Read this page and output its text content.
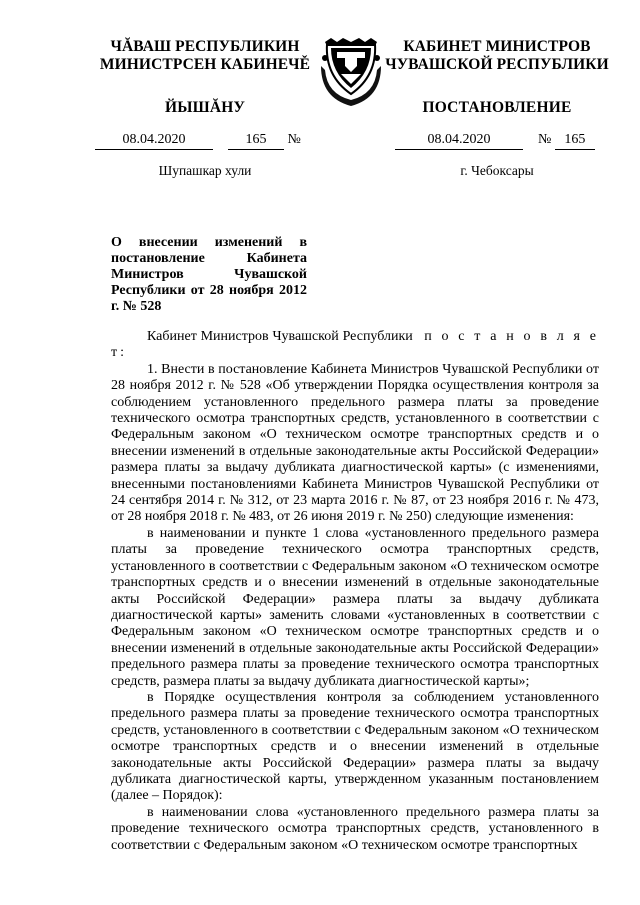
ЧĂВАШ РЕСПУБЛИКИН
МИНИСТРСЕН КАБИНЕЧĚ
ЙЫШĂНУ
КАБИНЕТ МИНИСТРОВ
ЧУВАШСКОЙ РЕСПУБЛИКИ
ПОСТАНОВЛЕНИЕ
08.04.2020	165 №	08.04.2020	№ 165
Шупашкар хули	г. Чебоксары
О внесении изменений в постановление Кабинета Министров Чувашской Республики от 28 ноября 2012 г. № 528

Кабинет Министров Чувашской Республики п о с т а н о в л я е т:

1. Внести в постановление Кабинета Министров Чувашской Республики от 28 ноября 2012 г. № 528 «Об утверждении Порядка осуществления контроля за соблюдением установленного предельного размера платы за проведение технического осмотра транспортных средств, установленного в соответствии с Федеральным законом «О техническом осмотре транспортных средств и о внесении изменений в отдельные законодательные акты Российской Федерации» размера платы за выдачу дубликата диагностической карты» (с изменениями, внесенными постановлениями Кабинета Министров Чувашской Республики от 24 сентября 2014 г. № 312, от 23 марта 2016 г. № 87, от 23 ноября 2016 г. № 473, от 28 ноября 2018 г. № 483, от 26 июня 2019 г. № 250) следующие изменения:

в наименовании и пункте 1 слова «установленного предельного размера платы за проведение технического осмотра транспортных средств, установленного в соответствии с Федеральным законом «О техническом осмотре транспортных средств и о внесении изменений в отдельные законодательные акты Российской Федерации» размера платы за выдачу дубликата диагностической карты» заменить словами «установленных в соответствии с Федеральным законом «О техническом осмотре транспортных средств и о внесении изменений в отдельные законодательные акты Российской Федерации» предельного размера платы за проведение технического осмотра транспортных средств, размера платы за выдачу дубликата диагностической карты»;

в Порядке осуществления контроля за соблюдением установленного предельного размера платы за проведение технического осмотра транспортных средств, установленного в соответствии с Федеральным законом «О техническом осмотре транспортных средств и о внесении изменений в отдельные законодательные акты Российской Федерации» размера платы за выдачу дубликата диагностической карты, утвержденном указанным постановлением (далее – Порядок):

в наименовании слова «установленного предельного размера платы за проведение технического осмотра транспортных средств, установленного в соответствии с Федеральным законом «О техническом осмотре транспортных
